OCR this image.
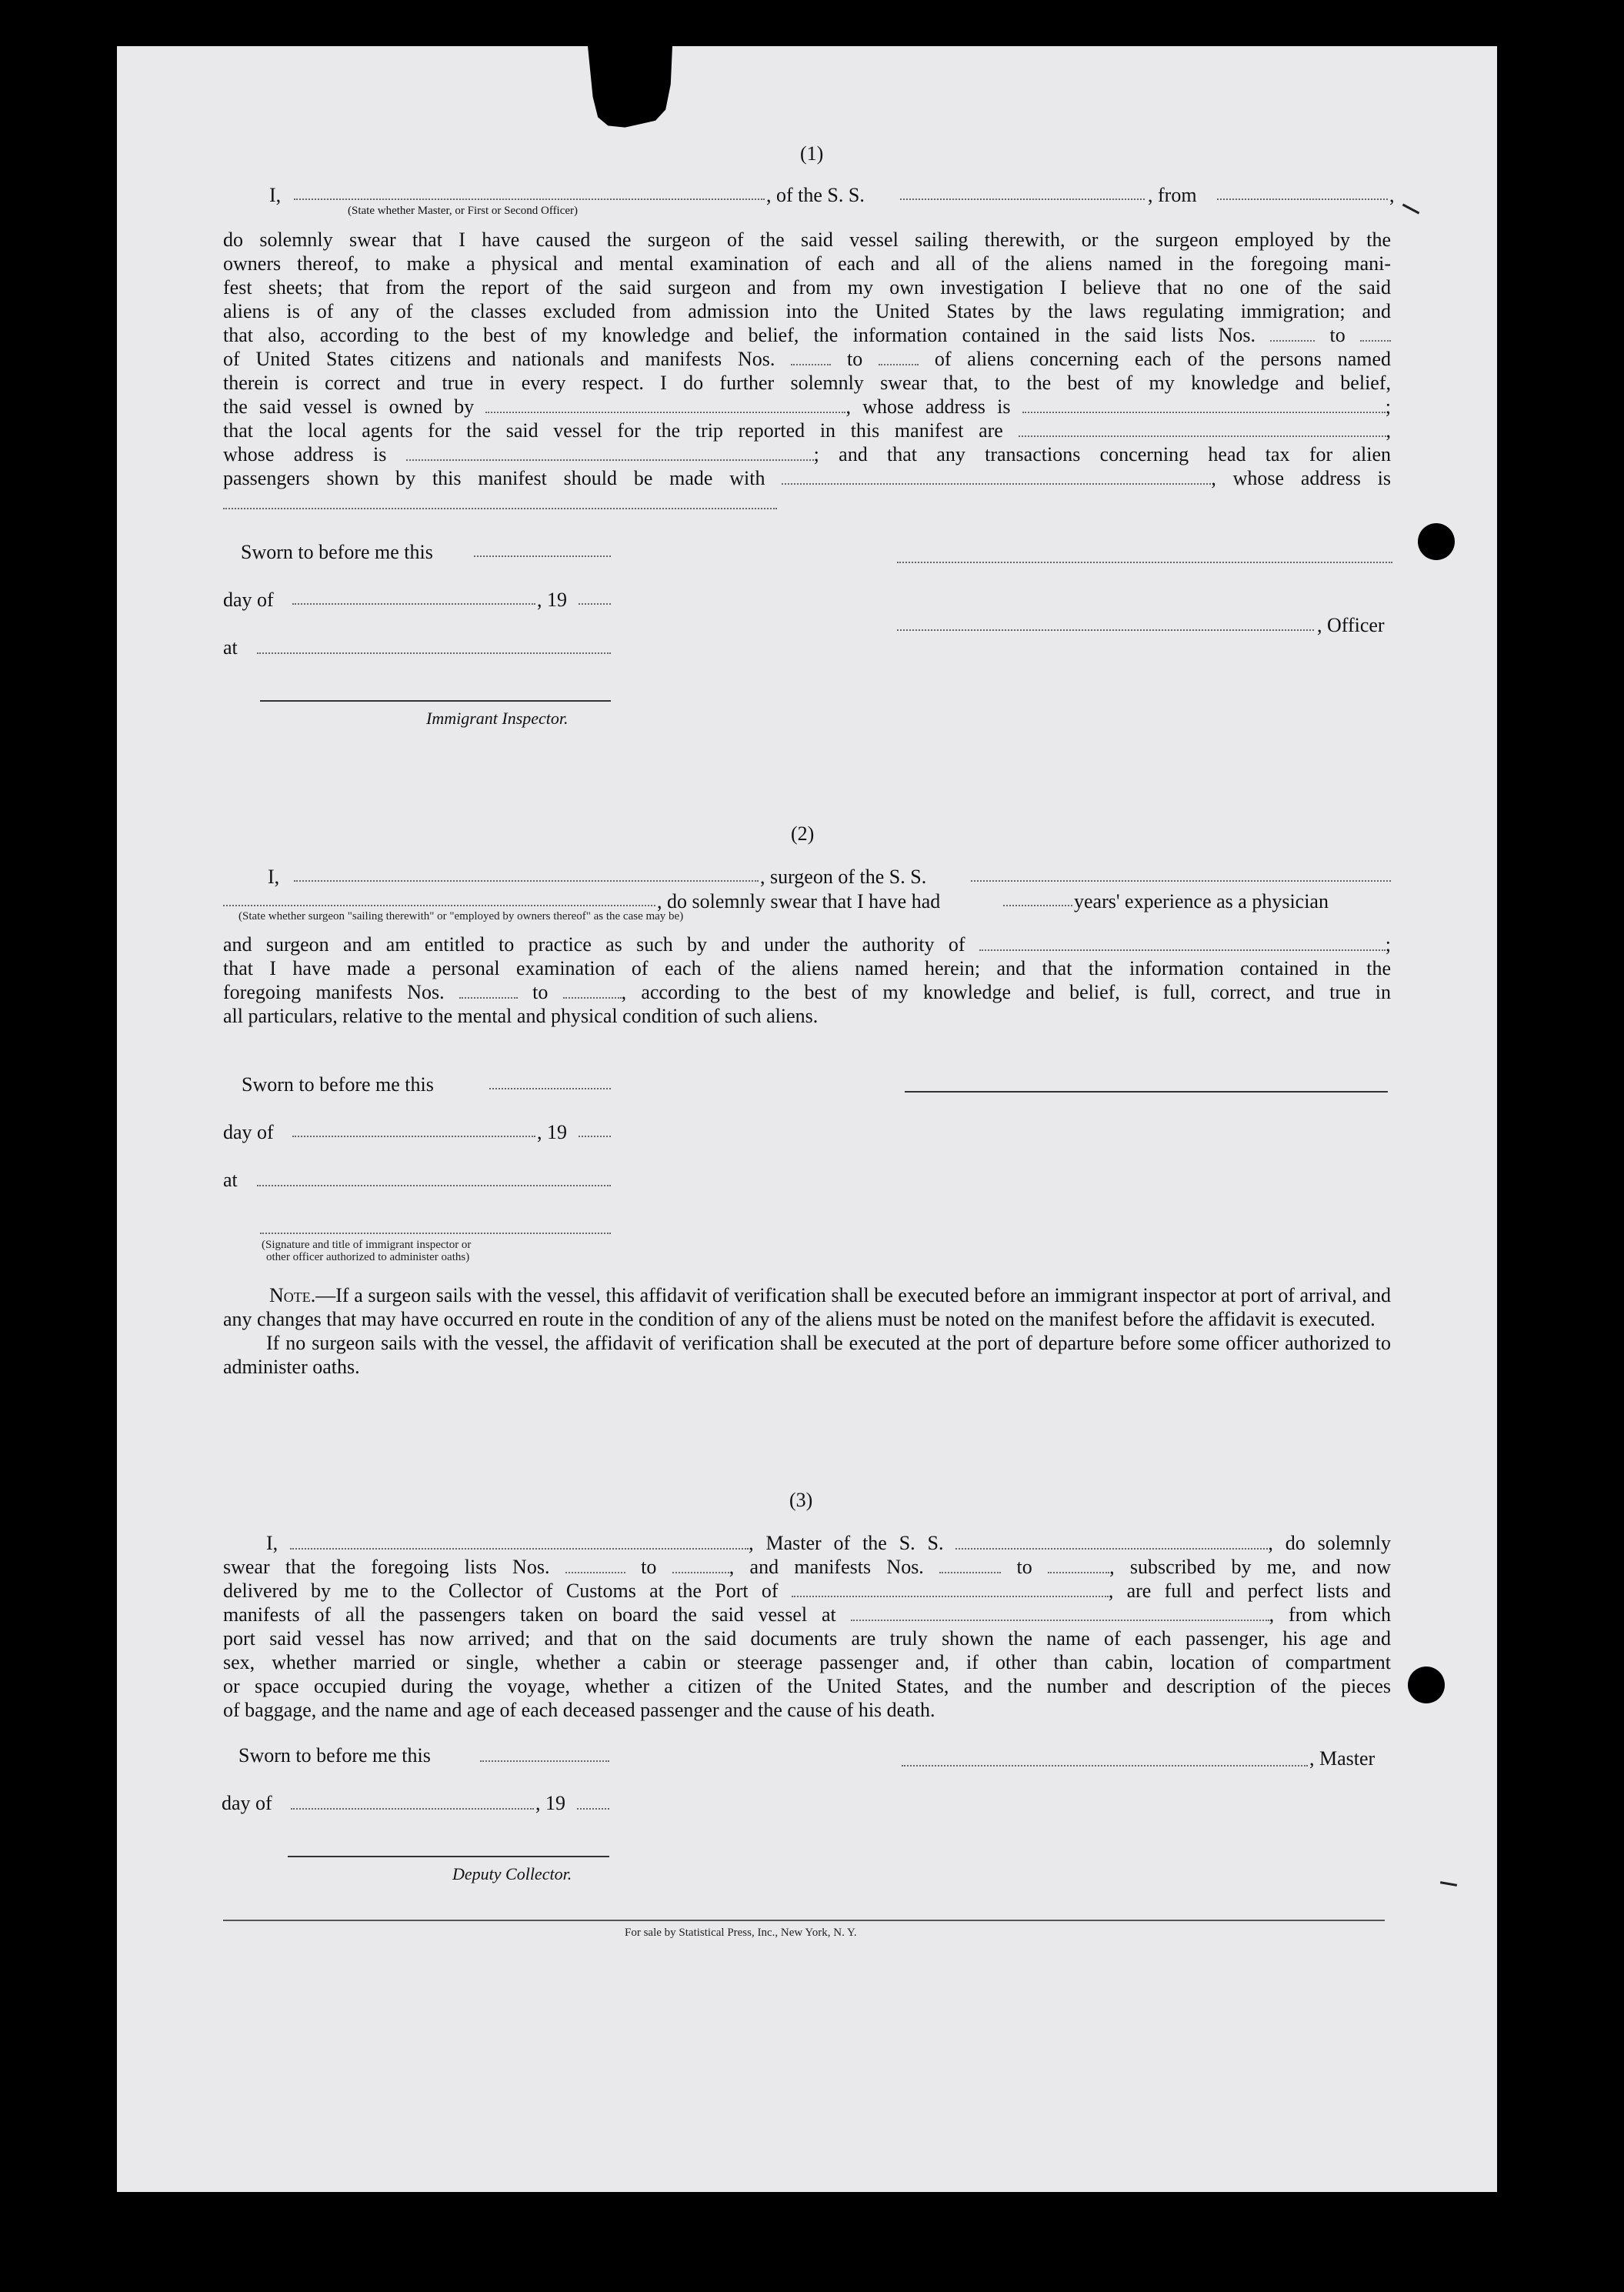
(1)
I,	, of the S. S.	, from	,
(State whether Master, or First or Second Officer)

do solemnly swear that I have caused the surgeon of the said vessel sailing therewith, or the surgeon employed by the

owners thereof, to make a physical and mental examination of each and all of the aliens named in the foregoing mani-

fest sheets; that from the report of the said surgeon and from my own investigation I believe that no one of the said

aliens is of any of the classes excluded from admission into the United States by the laws regulating immigration; and

that also, according to the best of my knowledge and belief, the information contained in the said lists Nos.	to

of United States citizens and nationals and manifests Nos.	to	of aliens concerning each of the persons named

therein is correct and true in every respect. I do further solemnly swear that, to the best of my knowledge and belief,

the said vessel is owned by	, whose address is	;

that the local agents for the said vessel for the trip reported in this manifest are	,

whose address is	; and that any transactions concerning head tax for alien

passengers shown by this manifest should be made with	, whose address is

Sworn to before me this
day of	, 19
at
, Officer
Immigrant Inspector.
(2)
I,	, surgeon of the S. S.
, do solemnly swear that I have had	years' experience as a physician
(State whether surgeon "sailing therewith" or "employed by owners thereof" as the case may be)

and surgeon and am entitled to practice as such by and under the authority of	;

that I have made a personal examination of each of the aliens named herein; and that the information contained in the

foregoing manifests Nos.	to	, according to the best of my knowledge and belief, is full, correct, and true in

all particulars, relative to the mental and physical condition of such aliens.

Sworn to before me this
day of	, 19
at
(Signature and title of immigrant inspector or
other officer authorized to administer oaths)

Note.—If a surgeon sails with the vessel, this affidavit of verification shall be executed before an immigrant inspector at port of arrival, and any changes that may have occurred en route in the condition of any of the aliens must be noted on the manifest before the affidavit is executed.

If no surgeon sails with the vessel, the affidavit of verification shall be executed at the port of departure before some officer authorized to administer oaths.

(3)

I,	, Master of the S. S.	, do solemnly

swear that the foregoing lists Nos.	to	, and manifests Nos.	to	, subscribed by me, and now

delivered by me to the Collector of Customs at the Port of	, are full and perfect lists and

manifests of all the passengers taken on board the said vessel at	, from which

port said vessel has now arrived; and that on the said documents are truly shown the name of each passenger, his age and

sex, whether married or single, whether a cabin or steerage passenger and, if other than cabin, location of compartment

or space occupied during the voyage, whether a citizen of the United States, and the number and description of the pieces

of baggage, and the name and age of each deceased passenger and the cause of his death.

Sworn to before me this	, Master
day of	, 19
Deputy Collector.
For sale by Statistical Press, Inc., New York, N. Y.
